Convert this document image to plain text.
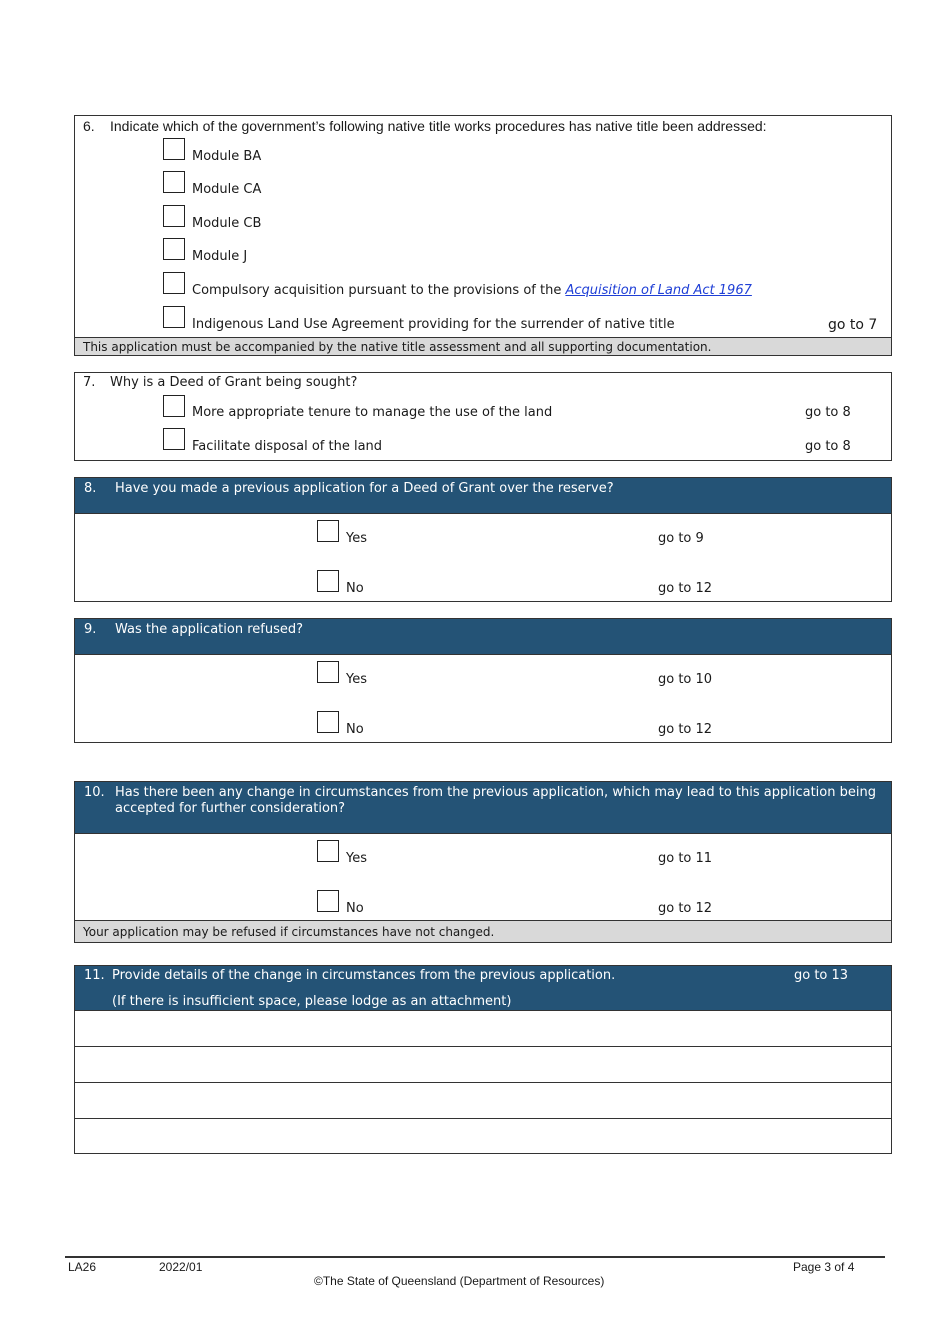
6. Indicate which of the government’s following native title works procedures has native title been addressed:
Module BA
Module CA
Module CB
Module J
Compulsory acquisition pursuant to the provisions of the Acquisition of Land Act 1967
Indigenous Land Use Agreement providing for the surrender of native title	go to 7
This application must be accompanied by the native title assessment and all supporting documentation.
7. Why is a Deed of Grant being sought?
More appropriate tenure to manage the use of the land	go to 8
Facilitate disposal of the land	go to 8
8. Have you made a previous application for a Deed of Grant over the reserve?
Yes	go to 9
No	go to 12
9. Was the application refused?
Yes	go to 10
No	go to 12
10. Has there been any change in circumstances from the previous application, which may lead to this application being
accepted for further consideration?
Yes	go to 11
No	go to 12
Your application may be refused if circumstances have not changed.
11. Provide details of the change in circumstances from the previous application.	go to 13
(If there is insufficient space, please lodge as an attachment)
LA26	2022/01	Page 3 of 4
©The State of Queensland (Department of Resources)
